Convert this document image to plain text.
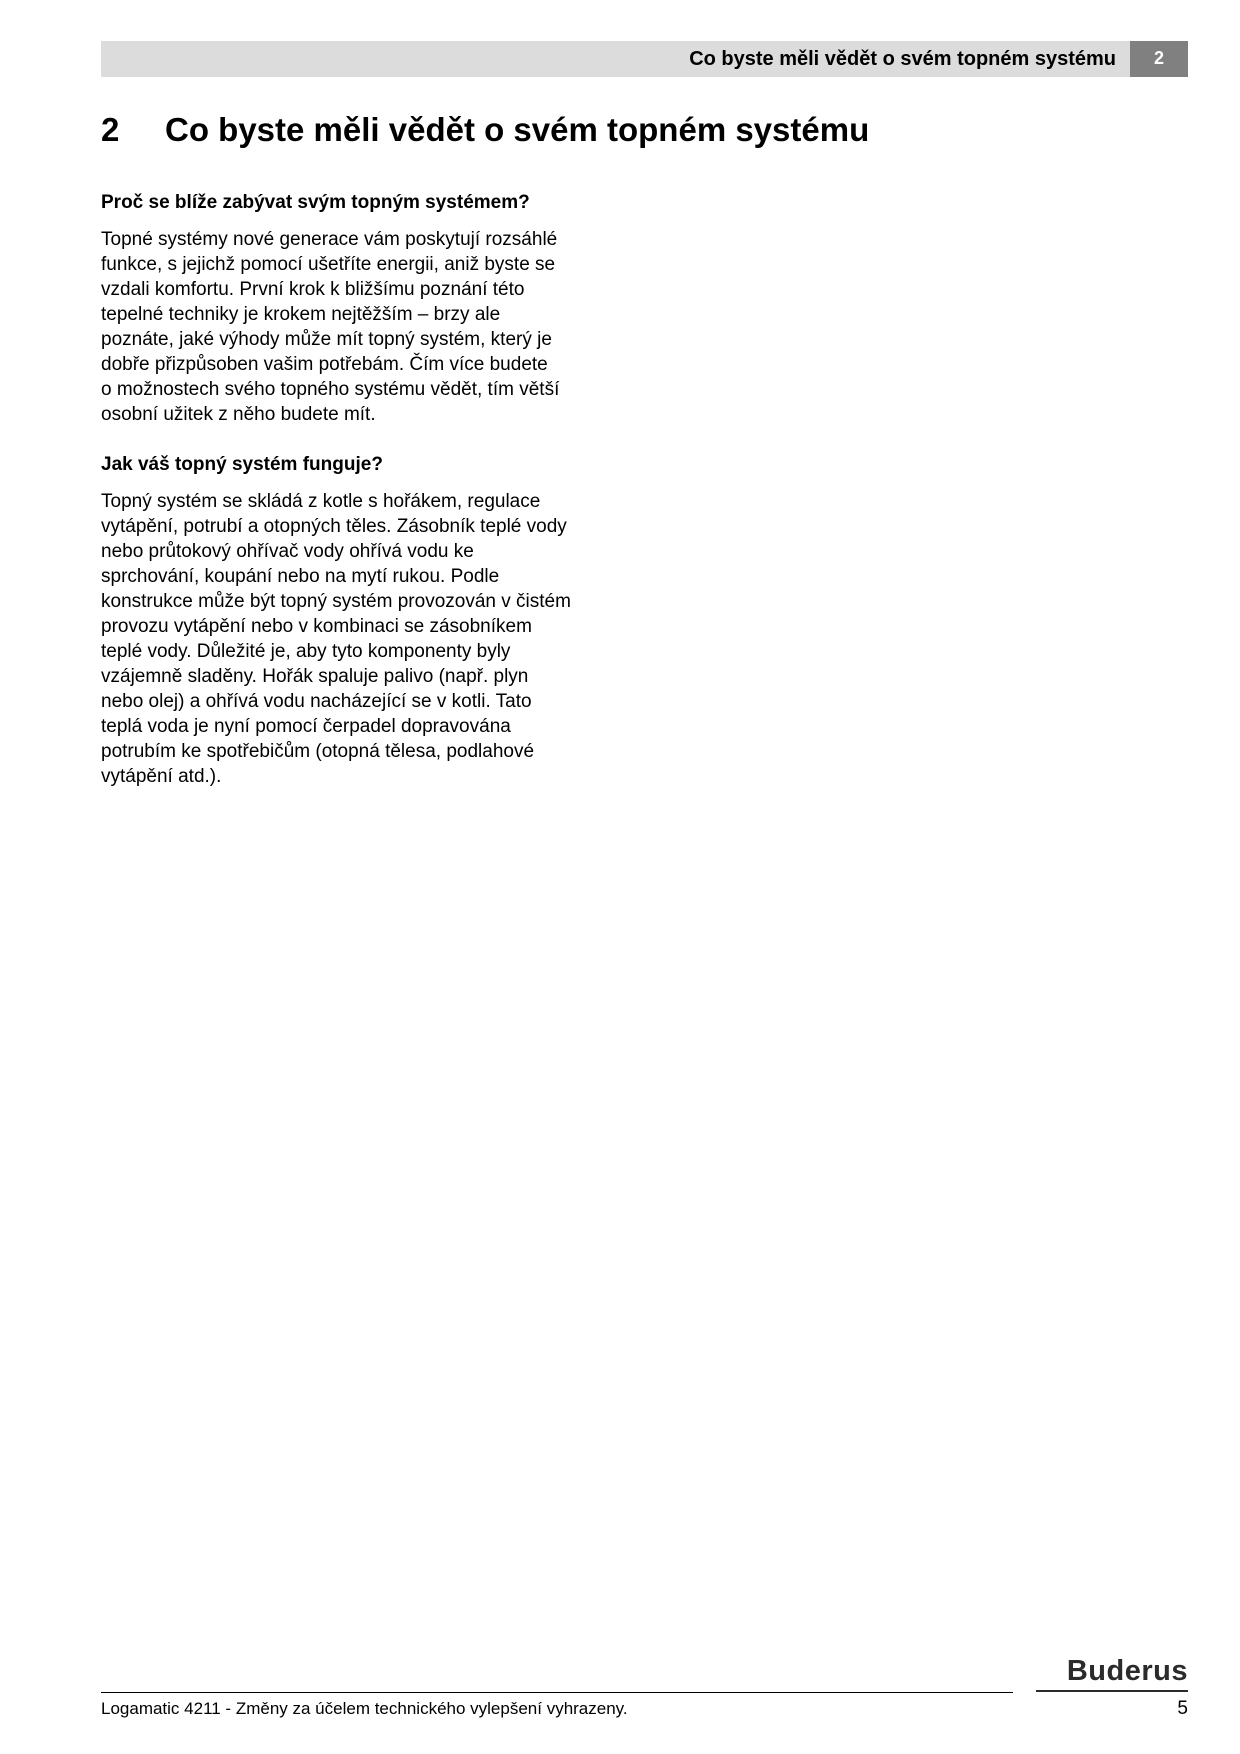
Co byste měli vědět o svém topném systému	2
2 Co byste měli vědět o svém topném systému
Proč se blíže zabývat svým topným systémem?
Topné systémy nové generace vám poskytují rozsáhlé
funkce, s jejichž pomocí ušetříte energii, aniž byste se
vzdali komfortu. První krok k bližšímu poznání této
tepelné techniky je krokem nejtěžším – brzy ale
poznáte, jaké výhody může mít topný systém, který je
dobře přizpůsoben vašim potřebám. Čím více budete
o možnostech svého topného systému vědět, tím větší
osobní užitek z něho budete mít.
Jak váš topný systém funguje?
Topný systém se skládá z kotle s hořákem, regulace
vytápění, potrubí a otopných těles. Zásobník teplé vody
nebo průtokový ohřívač vody ohřívá vodu ke
sprchování, koupání nebo na mytí rukou. Podle
konstrukce může být topný systém provozován v čistém
provozu vytápění nebo v kombinaci se zásobníkem
teplé vody. Důležité je, aby tyto komponenty byly
vzájemně sladěny. Hořák spaluje palivo (např. plyn
nebo olej) a ohřívá vodu nacházející se v kotli. Tato
teplá voda je nyní pomocí čerpadel dopravována
potrubím ke spotřebičům (otopná tělesa, podlahové
vytápění atd.).
Buderus
Logamatic 4211 - Změny za účelem technického vylepšení vyhrazeny.	5
